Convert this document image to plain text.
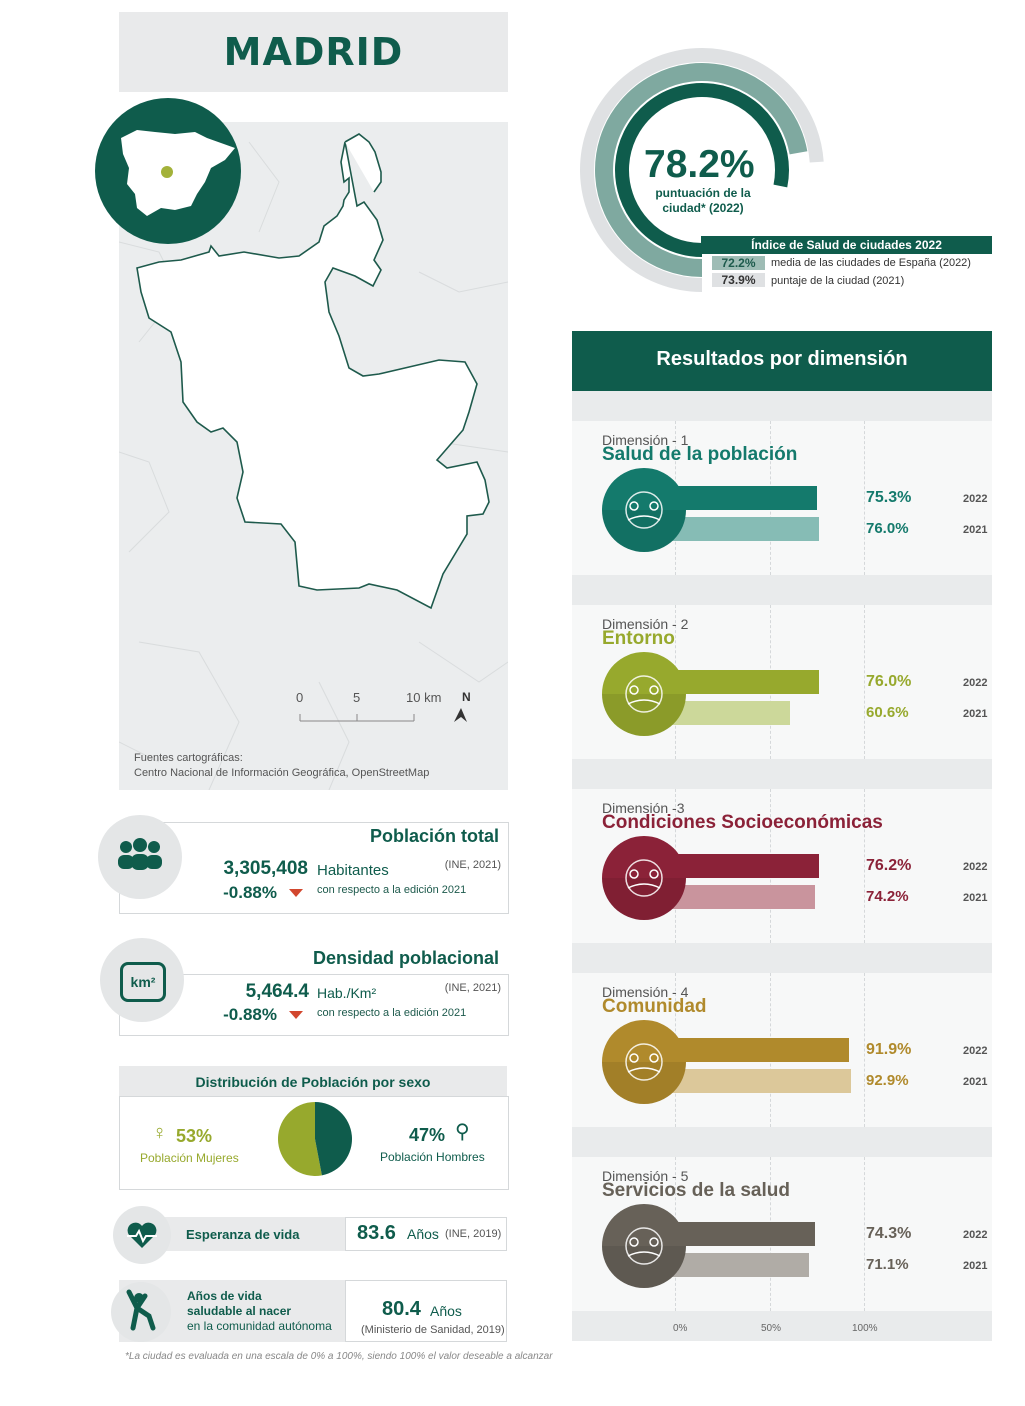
MADRID
0	5	10 km N
Fuentes cartográficas:
Centro Nacional de Información Geográfica, OpenStreetMap
Población total
3,305,408 Habitantes	(INE, 2021)
-0.88%	con respecto a la edición 2021
km²
Densidad poblacional
5,464.4 Hab./Km²	(INE, 2021)
-0.88%	con respecto a la edición 2021
Distribución de Población por sexo
♀ 53%
Población Mujeres
47% ⚲
Población Hombres
Esperanza de vida	83.6 Años (INE, 2019)
Años de vida
saludable al nacer
en la comunidad autónoma
80.4 Años
(Ministerio de Sanidad, 2019)
*La ciudad es evaluada en una escala de 0% a 100%, siendo 100% el valor deseable a alcanzar
78.2%
puntuación de la
ciudad* (2022)
Índice de Salud de ciudades 2022
72.2%	media de las ciudades de España (2022)
73.9%	puntaje de la ciudad (2021)
Resultados por dimensión
Dimensión - 1
Salud de la población
75.3%
76.0%
2022
2021
Dimensión - 2
Entorno
76.0%
60.6%
2022
2021
Dimensión -3
Condiciones Socioeconómicas
76.2%
74.2%
2022
2021
Dimensión - 4
Comunidad
91.9%
92.9%
2022
2021
Dimensión - 5
Servicios de la salud
74.3%
71.1%
2022
2021
0%	50%	100%
